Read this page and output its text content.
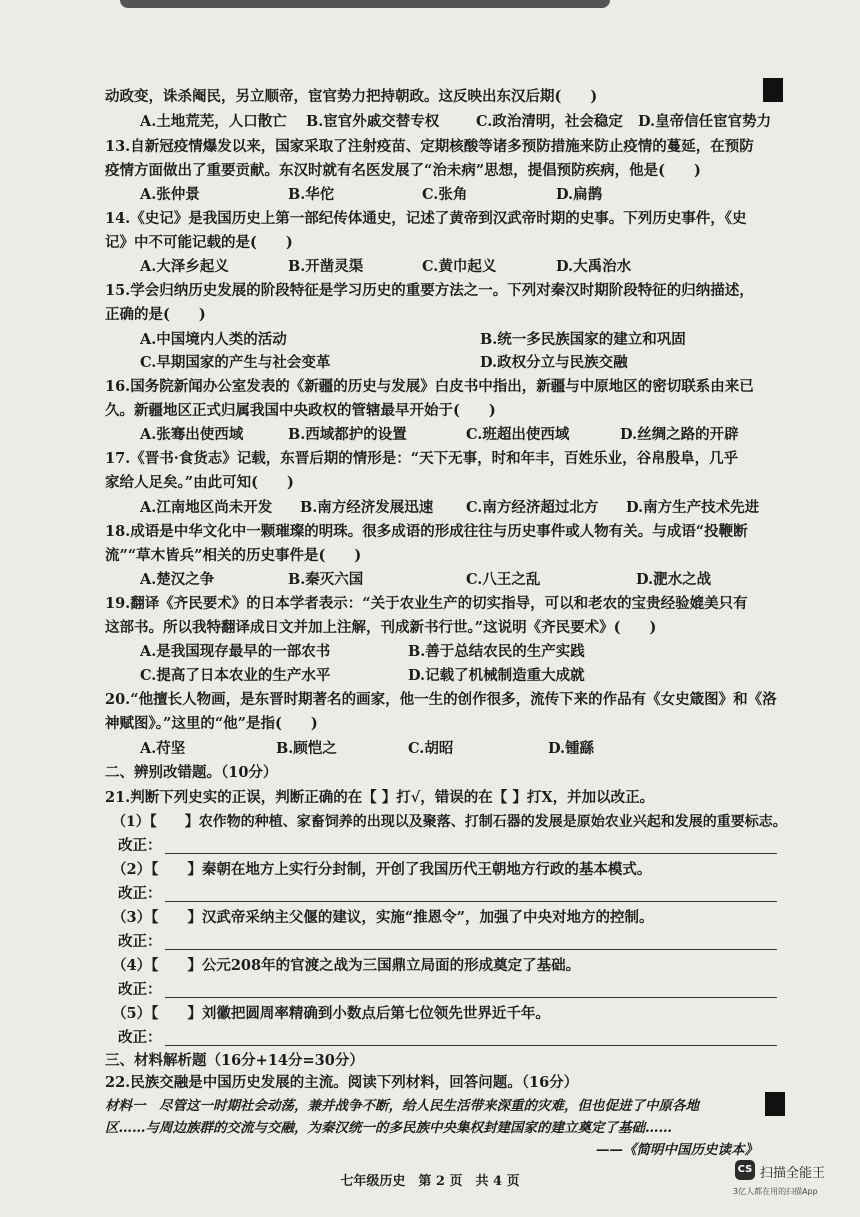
动政变，诛杀阉民，另立顺帝，宦官势力把持朝政。这反映出东汉后期(　　)
A.土地荒芜，人口散亡 B.宦官外戚交替专权	C.政治清明，社会稳定 D.皇帝信任宦官势力
13.自新冠疫情爆发以来，国家采取了注射疫苗、定期核酸等诸多预防措施来防止疫情的蔓延，在预防
疫情方面做出了重要贡献。东汉时就有名医发展了“治未病”思想，提倡预防疾病，他是(　　)
A.张仲景	B.华佗	C.张角	D.扁鹊
14.《史记》是我国历史上第一部纪传体通史，记述了黄帝到汉武帝时期的史事。下列历史事件，《史
记》中不可能记载的是(　　)
A.大泽乡起义	B.开凿灵渠	C.黄巾起义	D.大禹治水
15.学会归纳历史发展的阶段特征是学习历史的重要方法之一。下列对秦汉时期阶段特征的归纳描述，
正确的是(　　)
A.中国境内人类的活动	B.统一多民族国家的建立和巩固
C.早期国家的产生与社会变革	D.政权分立与民族交融
16.国务院新闻办公室发表的《新疆的历史与发展》白皮书中指出，新疆与中原地区的密切联系由来已
久。新疆地区正式归属我国中央政权的管辖最早开始于(　　)
A.张骞出使西域	B.西域都护的设置	C.班超出使西域	D.丝绸之路的开辟
17.《晋书·食货志》记载，东晋后期的情形是：“天下无事，时和年丰，百姓乐业，谷帛殷阜，几乎
家给人足矣。”由此可知(　　)
A.江南地区尚未开发 B.南方经济发展迅速 C.南方经济超过北方 D.南方生产技术先进
18.成语是中华文化中一颗璀璨的明珠。很多成语的形成往往与历史事件或人物有关。与成语“投鞭断
流”“草木皆兵”相关的历史事件是(　　)
A.楚汉之争	B.秦灭六国	C.八王之乱	D.淝水之战
19.翻译《齐民要术》的日本学者表示：“关于农业生产的切实指导，可以和老农的宝贵经验媲美只有
这部书。所以我特翻译成日文并加上注解，刊成新书行世。”这说明《齐民要术》(　　)
A.是我国现存最早的一部农书	B.善于总结农民的生产实践
C.提高了日本农业的生产水平	D.记载了机械制造重大成就
20.“他擅长人物画，是东晋时期著名的画家，他一生的创作很多，流传下来的作品有《女史箴图》和《洛
神赋图》。”这里的“他”是指(　　)
A.苻坚	B.顾恺之	C.胡昭	D.锺繇
二、辨别改错题。（10分）
21.判断下列史实的正误，判断正确的在【 】打√，错误的在【 】打X，并加以改正。
（1）【　　】农作物的种植、家畜饲养的出现以及聚落、打制石器的发展是原始农业兴起和发展的重要标志。
改正：
（2）【　　】秦朝在地方上实行分封制，开创了我国历代王朝地方行政的基本模式。
改正：
（3）【　　】汉武帝采纳主父偃的建议，实施“推恩令”，加强了中央对地方的控制。
改正：
（4）【　　】公元208年的官渡之战为三国鼎立局面的形成奠定了基础。
改正：
（5）【　　】刘徽把圆周率精确到小数点后第七位领先世界近千年。
改正：
三、材料解析题（16分+14分=30分）
22.民族交融是中国历史发展的主流。阅读下列材料，回答问题。（16分）
材料一　尽管这一时期社会动荡，兼并战争不断，给人民生活带来深重的灾难，但也促进了中原各地
区……与周边族群的交流与交融，为秦汉统一的多民族中央集权封建国家的建立奠定了基础……
——《简明中国历史读本》
七年级历史　第 2 页　共 4 页
CS 扫描全能王
3亿人都在用的扫描App
